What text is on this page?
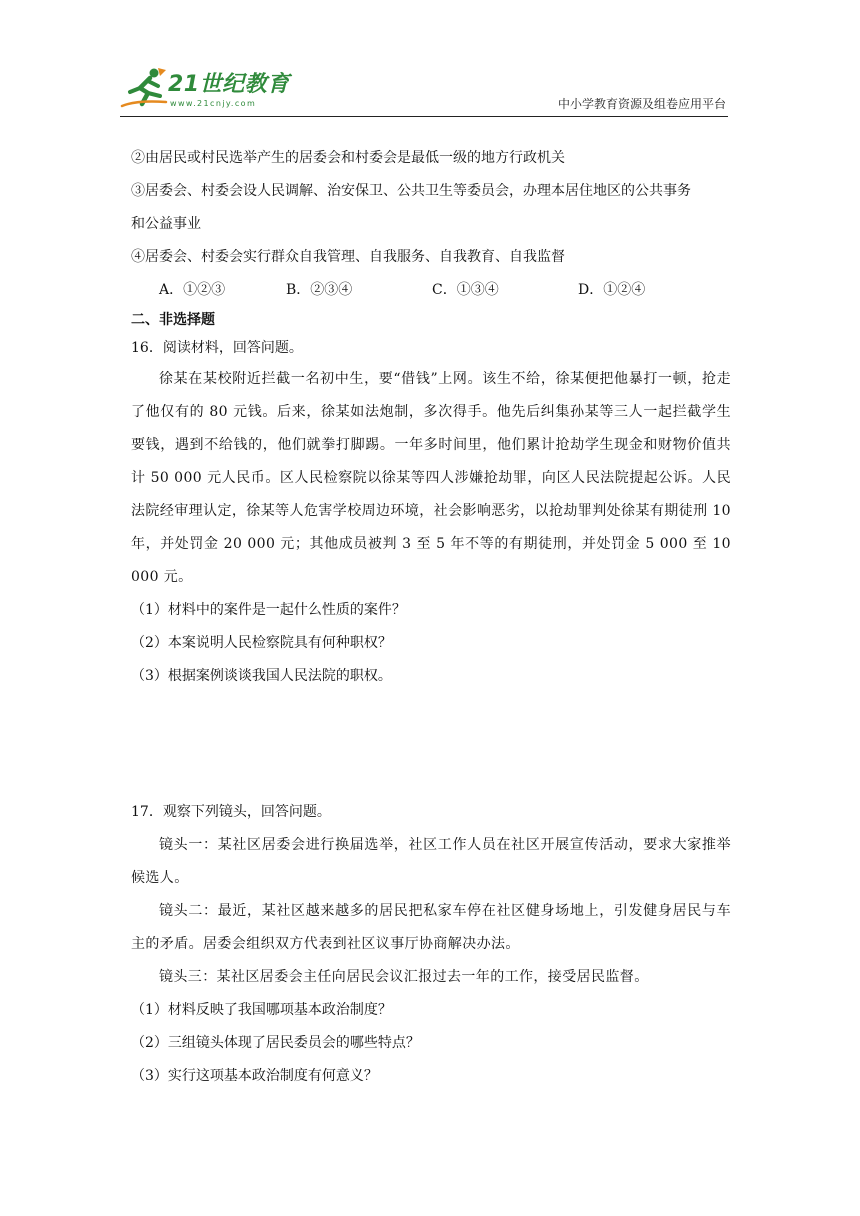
21世纪教育
www.21cnjy.com	中小学教育资源及组卷应用平台
②由居民或村民选举产生的居委会和村委会是最低一级的地方行政机关
③居委会、村委会设人民调解、治安保卫、公共卫生等委员会，办理本居住地区的公共事务
和公益事业
④居委会、村委会实行群众自我管理、自我服务、自我教育、自我监督
A．①②③	B．②③④	C．①③④	D．①②④
二、非选择题
16．阅读材料，回答问题。
徐某在某校附近拦截一名初中生，要“借钱”上网。该生不给，徐某便把他暴打一顿，抢走了他仅有的 80 元钱。后来，徐某如法炮制，多次得手。他先后纠集孙某等三人一起拦截学生要钱，遇到不给钱的，他们就拳打脚踢。一年多时间里，他们累计抢劫学生现金和财物价值共计 50 000 元人民币。区人民检察院以徐某等四人涉嫌抢劫罪，向区人民法院提起公诉。人民法院经审理认定，徐某等人危害学校周边环境，社会影响恶劣，以抢劫罪判处徐某有期徒刑 10 年，并处罚金 20 000 元；其他成员被判 3 至 5 年不等的有期徒刑，并处罚金 5 000 至 10 000 元。
（1）材料中的案件是一起什么性质的案件？
（2）本案说明人民检察院具有何种职权？
（3）根据案例谈谈我国人民法院的职权。
17．观察下列镜头，回答问题。
镜头一：某社区居委会进行换届选举，社区工作人员在社区开展宣传活动，要求大家推举候选人。
镜头二：最近，某社区越来越多的居民把私家车停在社区健身场地上，引发健身居民与车主的矛盾。居委会组织双方代表到社区议事厅协商解决办法。
镜头三：某社区居委会主任向居民会议汇报过去一年的工作，接受居民监督。
（1）材料反映了我国哪项基本政治制度？
（2）三组镜头体现了居民委员会的哪些特点？
（3）实行这项基本政治制度有何意义？
